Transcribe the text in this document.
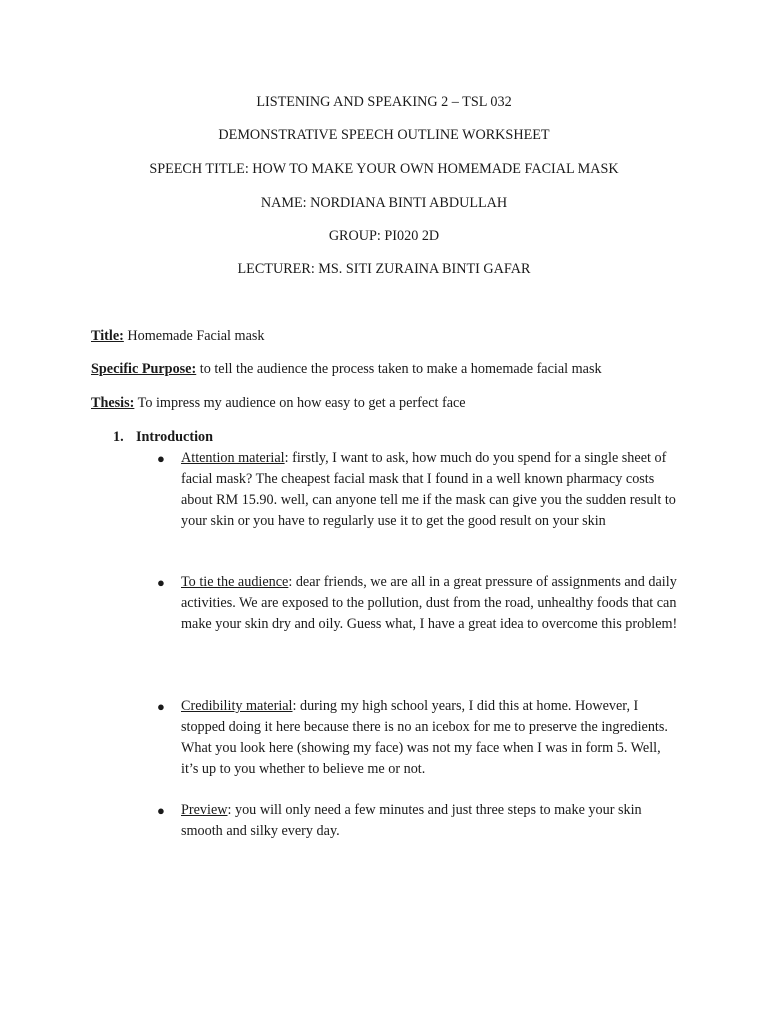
LISTENING AND SPEAKING 2 – TSL 032
DEMONSTRATIVE SPEECH OUTLINE WORKSHEET
SPEECH TITLE: HOW TO MAKE YOUR OWN HOMEMADE FACIAL MASK
NAME: NORDIANA BINTI ABDULLAH
GROUP: PI020 2D
LECTURER: MS. SITI ZURAINA BINTI GAFAR
Title: Homemade Facial mask
Specific Purpose: to tell the audience the process taken to make a homemade facial mask
Thesis: To impress my audience on how easy to get a perfect face
1. Introduction
● Attention material: firstly, I want to ask, how much do you spend for a single sheet of facial mask? The cheapest facial mask that I found in a well known pharmacy costs about RM 15.90. well, can anyone tell me if the mask can give you the sudden result to your skin or you have to regularly use it to get the good result on your skin
● To tie the audience: dear friends, we are all in a great pressure of assignments and daily activities. We are exposed to the pollution, dust from the road, unhealthy foods that can make your skin dry and oily. Guess what, I have a great idea to overcome this problem!
● Credibility material: during my high school years, I did this at home. However, I stopped doing it here because there is no an icebox for me to preserve the ingredients. What you look here (showing my face) was not my face when I was in form 5. Well, it’s up to you whether to believe me or not.
● Preview: you will only need a few minutes and just three steps to make your skin smooth and silky every day.
